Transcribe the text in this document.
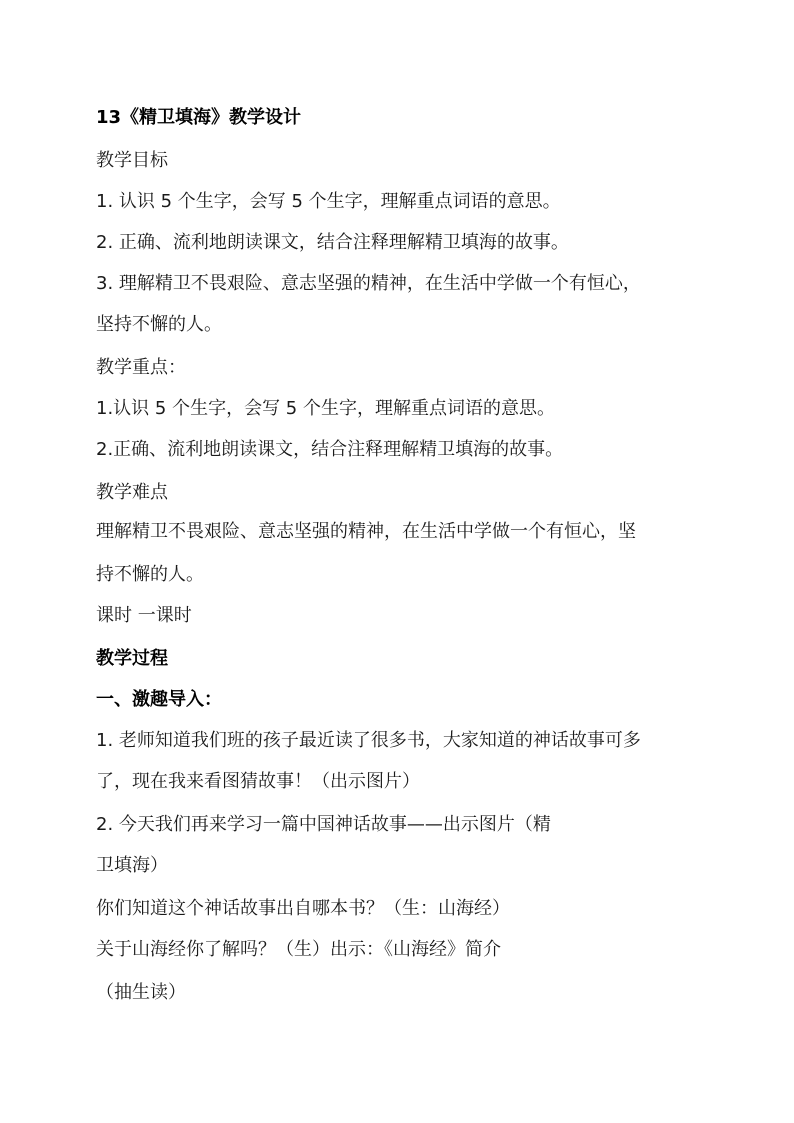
13《精卫填海》教学设计
教学目标
1. 认识 5 个生字，会写 5 个生字，理解重点词语的意思。
2. 正确、流利地朗读课文，结合注释理解精卫填海的故事。
3. 理解精卫不畏艰险、意志坚强的精神，在生活中学做一个有恒心，
坚持不懈的人。
教学重点：
1.认识 5 个生字，会写 5 个生字，理解重点词语的意思。
2.正确、流利地朗读课文，结合注释理解精卫填海的故事。
教学难点
理解精卫不畏艰险、意志坚强的精神，在生活中学做一个有恒心，坚
持不懈的人。
课时 一课时
教学过程
一、激趣导入：
1. 老师知道我们班的孩子最近读了很多书，大家知道的神话故事可多
了，现在我来看图猜故事！（出示图片）
2. 今天我们再来学习一篇中国神话故事——出示图片（精
卫填海）
你们知道这个神话故事出自哪本书？（生：山海经）
关于山海经你了解吗？（生）出示：《山海经》简介
（抽生读）
